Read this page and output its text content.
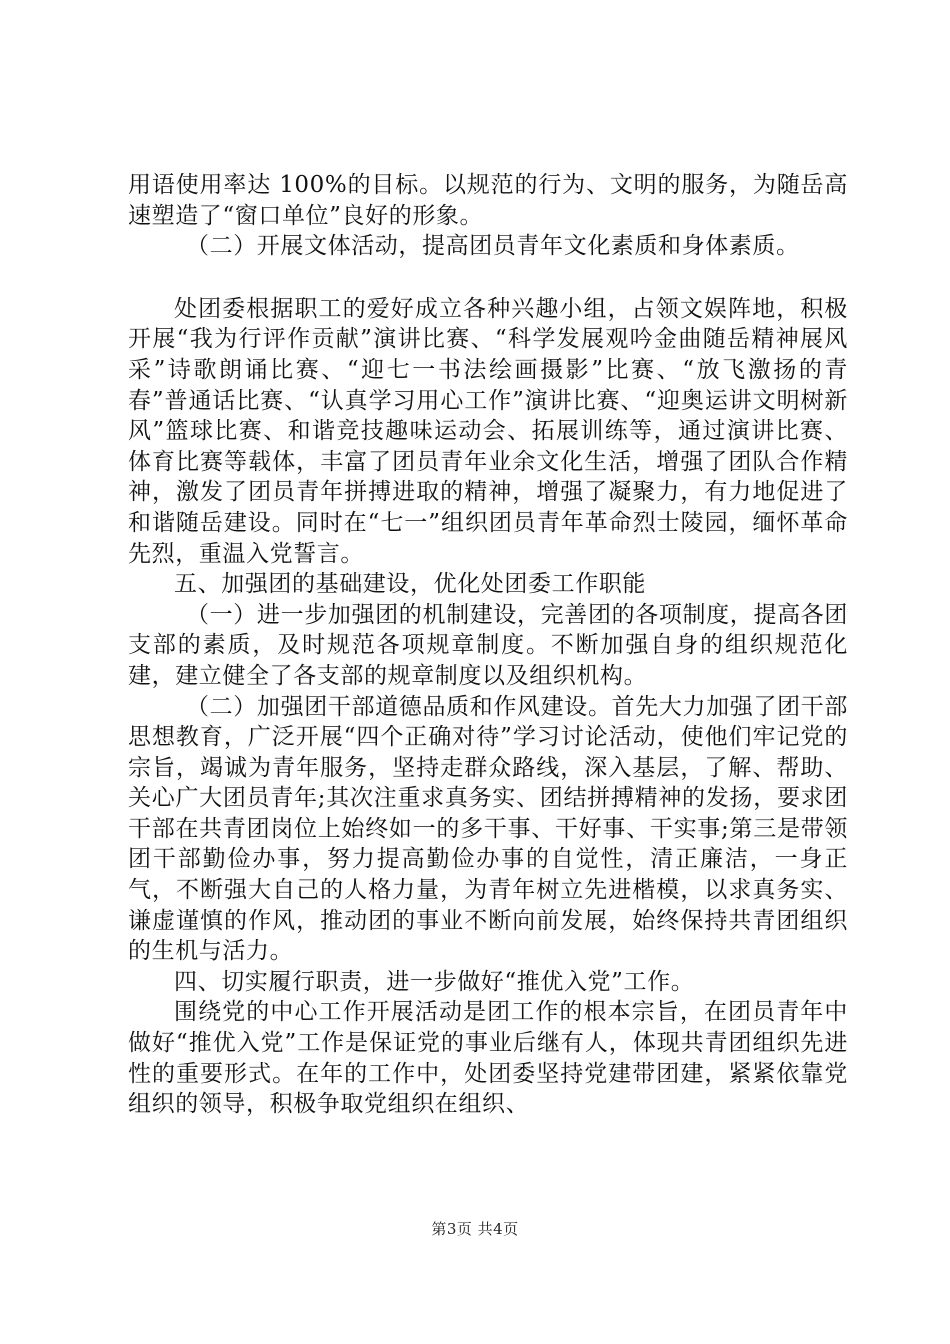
用语使用率达 100%的目标。以规范的行为、文明的服务，为随岳高速塑造了“窗口单位”良好的形象。

（二）开展文体活动，提高团员青年文化素质和身体素质。

处团委根据职工的爱好成立各种兴趣小组，占领文娱阵地，积极开展“我为行评作贡献”演讲比赛、“科学发展观吟金曲随岳精神展风采”诗歌朗诵比赛、“迎七一书法绘画摄影”比赛、“放飞激扬的青春”普通话比赛、“认真学习用心工作”演讲比赛、“迎奥运讲文明树新风”篮球比赛、和谐竞技趣味运动会、拓展训练等，通过演讲比赛、体育比赛等载体，丰富了团员青年业余文化生活，增强了团队合作精神，激发了团员青年拼搏进取的精神，增强了凝聚力，有力地促进了和谐随岳建设。同时在“七一”组织团员青年革命烈士陵园，缅怀革命先烈，重温入党誓言。

五、加强团的基础建设，优化处团委工作职能

（一）进一步加强团的机制建设，完善团的各项制度，提高各团支部的素质，及时规范各项规章制度。不断加强自身的组织规范化建，建立健全了各支部的规章制度以及组织机构。

（二）加强团干部道德品质和作风建设。首先大力加强了团干部思想教育，广泛开展“四个正确对待”学习讨论活动，使他们牢记党的宗旨，竭诚为青年服务，坚持走群众路线，深入基层，了解、帮助、关心广大团员青年;其次注重求真务实、团结拼搏精神的发扬，要求团干部在共青团岗位上始终如一的多干事、干好事、干实事;第三是带领团干部勤俭办事，努力提高勤俭办事的自觉性，清正廉洁，一身正气，不断强大自己的人格力量，为青年树立先进楷模，以求真务实、谦虚谨慎的作风，推动团的事业不断向前发展，始终保持共青团组织的生机与活力。

四、切实履行职责，进一步做好“推优入党”工作。

围绕党的中心工作开展活动是团工作的根本宗旨，在团员青年中做好“推优入党”工作是保证党的事业后继有人，体现共青团组织先进性的重要形式。在年的工作中，处团委坚持党建带团建，紧紧依靠党组织的领导，积极争取党组织在组织、

第3页 共4页
